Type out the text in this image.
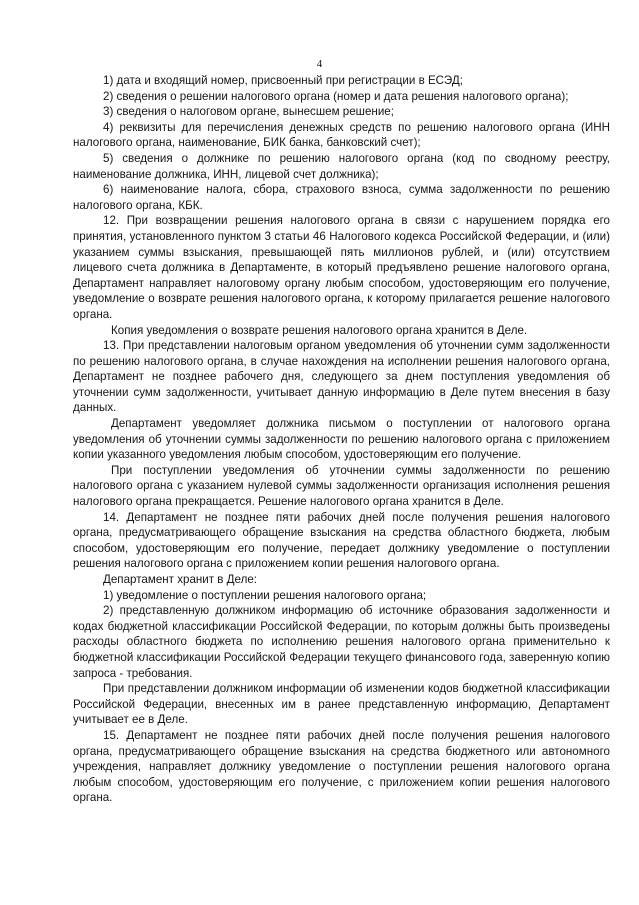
4

1) дата и входящий номер, присвоенный при регистрации в ЕСЭД;

2) сведения о решении налогового органа (номер и дата решения налогового органа);

3) сведения о налоговом органе, вынесшем решение;

4) реквизиты для перечисления денежных средств по решению налогового органа (ИНН налогового органа, наименование, БИК банка, банковский счет);

5) сведения о должнике по решению налогового органа (код по сводному реестру, наименование должника, ИНН, лицевой счет должника);

6) наименование налога, сбора, страхового взноса, сумма задолженности по решению налогового органа, КБК.

12. При возвращении решения налогового органа в связи с нарушением порядка его принятия, установленного пунктом 3 статьи 46 Налогового кодекса Российской Федерации, и (или) указанием суммы взыскания, превышающей пять миллионов рублей, и (или) отсутствием лицевого счета должника в Департаменте, в который предъявлено решение налогового органа, Департамент направляет налоговому органу любым способом, удостоверяющим его получение, уведомление о возврате решения налогового органа, к которому прилагается решение налогового органа.

Копия уведомления о возврате решения налогового органа хранится в Деле.

13. При представлении налоговым органом уведомления об уточнении сумм задолженности по решению налогового органа, в случае нахождения на исполнении решения налогового органа, Департамент не позднее рабочего дня, следующего за днем поступления уведомления об уточнении сумм задолженности, учитывает данную информацию в Деле путем внесения в базу данных.

Департамент уведомляет должника письмом о поступлении от налогового органа уведомления об уточнении суммы задолженности по решению налогового органа с приложением копии указанного уведомления любым способом, удостоверяющим его получение.

При поступлении уведомления об уточнении суммы задолженности по решению налогового органа с указанием нулевой суммы задолженности организация исполнения решения налогового органа прекращается. Решение налогового органа хранится в Деле.

14. Департамент не позднее пяти рабочих дней после получения решения налогового органа, предусматривающего обращение взыскания на средства областного бюджета, любым способом, удостоверяющим его получение, передает должнику уведомление о поступлении решения налогового органа с приложением копии решения налогового органа.

Департамент хранит в Деле:

1) уведомление о поступлении решения налогового органа;

2) представленную должником информацию об источнике образования задолженности и кодах бюджетной классификации Российской Федерации, по которым должны быть произведены расходы областного бюджета по исполнению решения налогового органа применительно к бюджетной классификации Российской Федерации текущего финансового года, заверенную копию запроса - требования.

При представлении должником информации об изменении кодов бюджетной классификации Российской Федерации, внесенных им в ранее представленную информацию, Департамент учитывает ее в Деле.

15. Департамент не позднее пяти рабочих дней после получения решения налогового органа, предусматривающего обращение взыскания на средства бюджетного или автономного учреждения, направляет должнику уведомление о поступлении решения налогового органа любым способом, удостоверяющим его получение, с приложением копии решения налогового органа.
